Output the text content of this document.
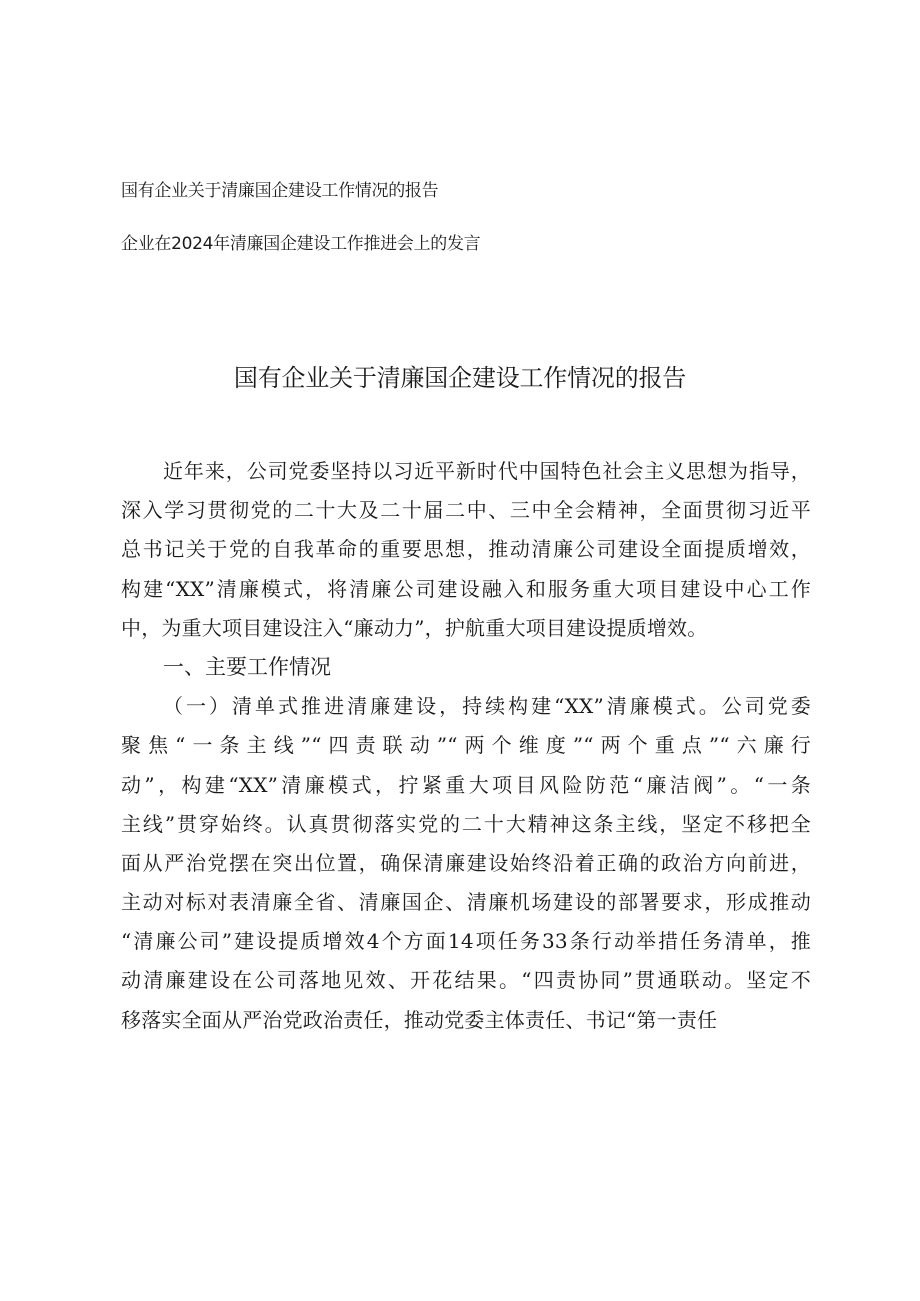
国有企业关于清廉国企建设工作情况的报告
企业在2024年清廉国企建设工作推进会上的发言
国有企业关于清廉国企建设工作情况的报告
近年来，公司党委坚持以习近平新时代中国特色社会主义思想为指导，
深入学习贯彻党的二十大及二十届二中、三中全会精神，全面贯彻习近平
总书记关于党的自我革命的重要思想，推动清廉公司建设全面提质增效，
构建“XX”清廉模式，将清廉公司建设融入和服务重大项目建设中心工作
中，为重大项目建设注入“廉动力”，护航重大项目建设提质增效。
一、主要工作情况
（一）清单式推进清廉建设，持续构建“XX”清廉模式。公司党委
聚焦“一条主线”“四责联动”“两个维度”“两个重点”“六廉行
动”，构建“XX”清廉模式，拧紧重大项目风险防范“廉洁阀”。“一条
主线”贯穿始终。认真贯彻落实党的二十大精神这条主线，坚定不移把全
面从严治党摆在突出位置，确保清廉建设始终沿着正确的政治方向前进，
主动对标对表清廉全省、清廉国企、清廉机场建设的部署要求，形成推动
“清廉公司”建设提质增效4个方面14项任务33条行动举措任务清单，推
动清廉建设在公司落地见效、开花结果。“四责协同”贯通联动。坚定不
移落实全面从严治党政治责任，推动党委主体责任、书记“第一责任
